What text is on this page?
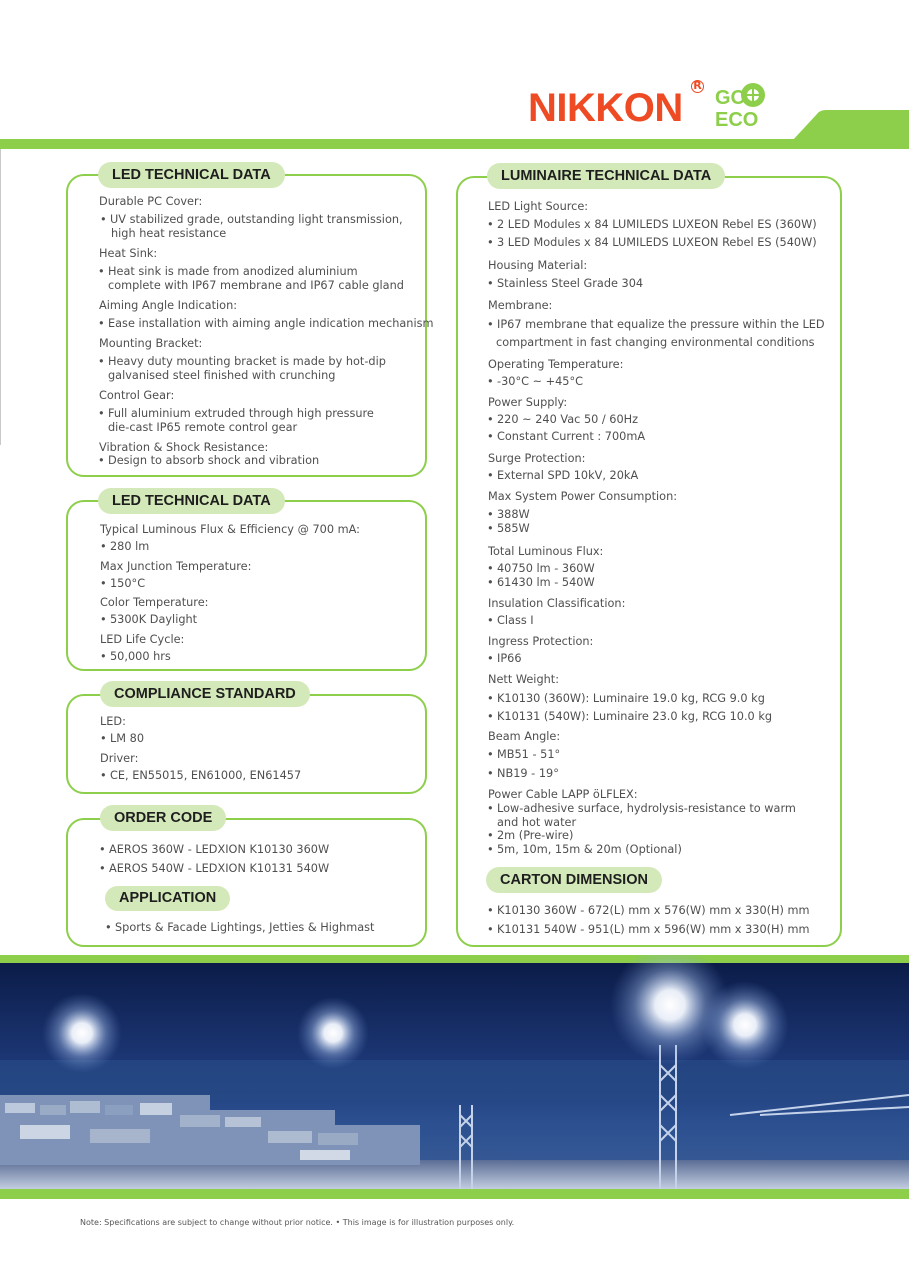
NIKKON
R
GO
ECO
LED TECHNICAL DATA
Durable PC Cover:
• UV stabilized grade, outstanding light transmission,
high heat resistance
Heat Sink:
• Heat sink is made from anodized aluminium
complete with IP67 membrane and IP67 cable gland
Aiming Angle Indication:
• Ease installation with aiming angle indication mechanism
Mounting Bracket:
• Heavy duty mounting bracket is made by hot-dip
galvanised steel finished with crunching
Control Gear:
• Full aluminium extruded through high pressure
die-cast IP65 remote control gear
Vibration & Shock Resistance:
• Design to absorb shock and vibration
LED TECHNICAL DATA
Typical Luminous Flux & Efficiency @ 700 mA:
• 280 lm
Max Junction Temperature:
• 150°C
Color Temperature:
• 5300K Daylight
LED Life Cycle:
• 50,000 hrs
COMPLIANCE STANDARD
LED:
• LM 80
Driver:
• CE, EN55015, EN61000, EN61457
ORDER CODE
• AEROS 360W - LEDXION K10130 360W
• AEROS 540W - LEDXION K10131 540W
APPLICATION
• Sports & Facade Lightings, Jetties & Highmast
LUMINAIRE TECHNICAL DATA
LED Light Source:
• 2 LED Modules x 84 LUMILEDS LUXEON Rebel ES (360W)
• 3 LED Modules x 84 LUMILEDS LUXEON Rebel ES (540W)
Housing Material:
• Stainless Steel Grade 304
Membrane:
• IP67 membrane that equalize the pressure within the LED
compartment in fast changing environmental conditions
Operating Temperature:
• -30°C ~ +45°C
Power Supply:
• 220 ~ 240 Vac 50 / 60Hz
• Constant Current : 700mA
Surge Protection:
• External SPD 10kV, 20kA
Max System Power Consumption:
• 388W
• 585W
Total Luminous Flux:
• 40750 lm - 360W
• 61430 lm - 540W
Insulation Classification:
• Class I
Ingress Protection:
• IP66
Nett Weight:
• K10130 (360W): Luminaire 19.0 kg, RCG 9.0 kg
• K10131 (540W): Luminaire 23.0 kg, RCG 10.0 kg
Beam Angle:
• MB51 - 51°
• NB19 - 19°
Power Cable LAPP öLFLEX:
• Low-adhesive surface, hydrolysis-resistance to warm
and hot water
• 2m (Pre-wire)
• 5m, 10m, 15m & 20m (Optional)
CARTON DIMENSION
• K10130 360W - 672(L) mm x 576(W) mm x 330(H) mm
• K10131 540W - 951(L) mm x 596(W) mm x 330(H) mm
Note: Specifications are subject to change without prior notice. • This image is for illustration purposes only.
